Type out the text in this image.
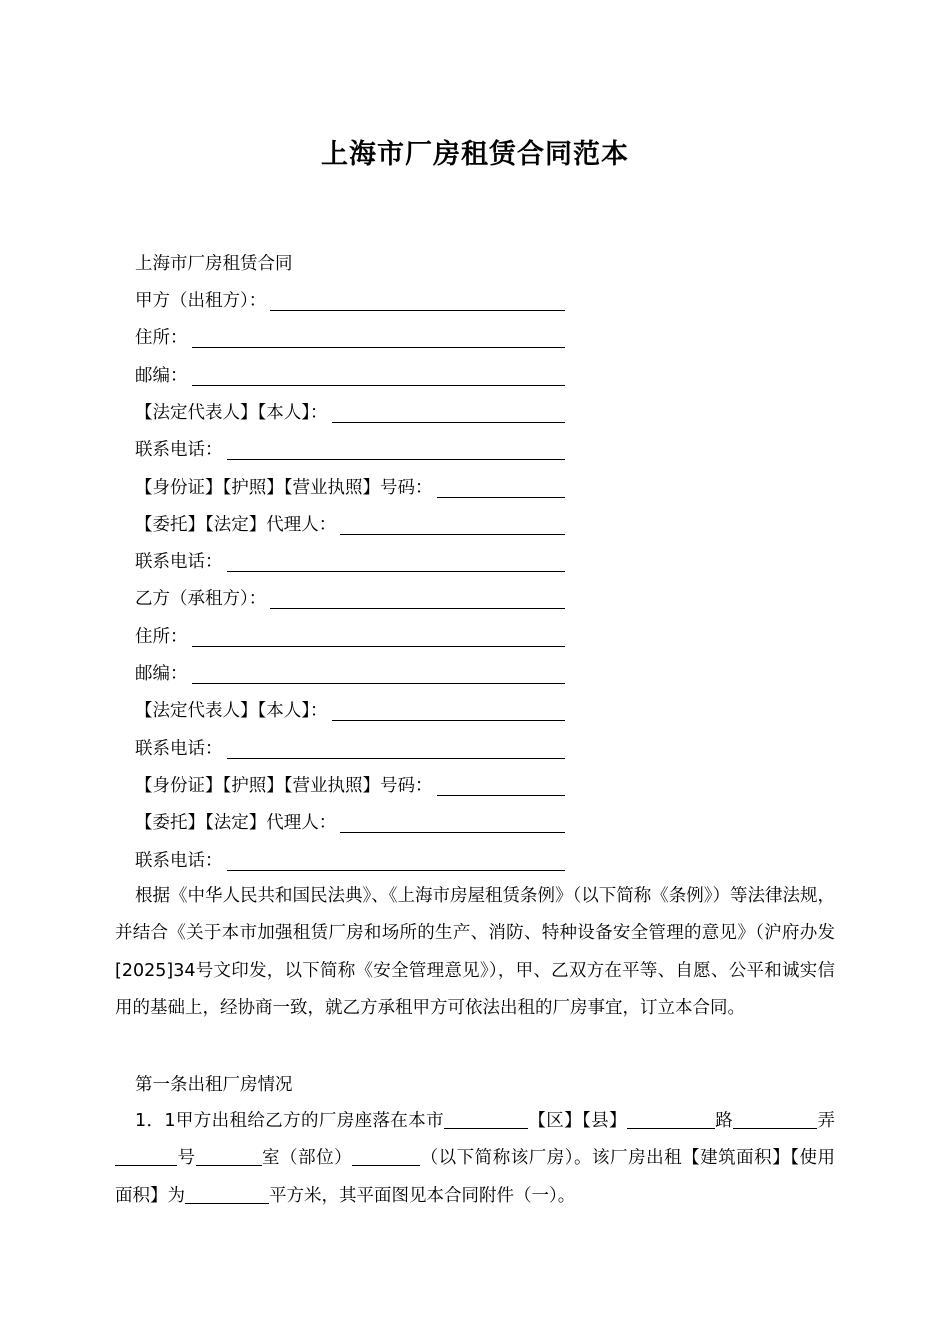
上海市厂房租赁合同范本
上海市厂房租赁合同
甲方（出租方）：
住所：
邮编：
【法定代表人】【本人】：
联系电话：
【身份证】【护照】【营业执照】号码：
【委托】【法定】代理人：
联系电话：
乙方（承租方）：
住所：
邮编：
【法定代表人】【本人】：
联系电话：
【身份证】【护照】【营业执照】号码：
【委托】【法定】代理人：
联系电话：
根据《中华人民共和国民法典》、《上海市房屋租赁条例》（以下简称《条例》）等法律法规，并结合《关于本市加强租赁厂房和场所的生产、消防、特种设备安全管理的意见》（沪府办发[2025]34号文印发，以下简称《安全管理意见》），甲、乙双方在平等、自愿、公平和诚实信用的基础上，经协商一致，就乙方承租甲方可依法出租的厂房事宜，订立本合同。
第一条出租厂房情况
1．1甲方出租给乙方的厂房座落在本市	【区】【县】	路	弄号	室（部位）	（以下简称该厂房）。该厂房出租【建筑面积】【使用面积】为	平方米，其平面图见本合同附件（一）。
